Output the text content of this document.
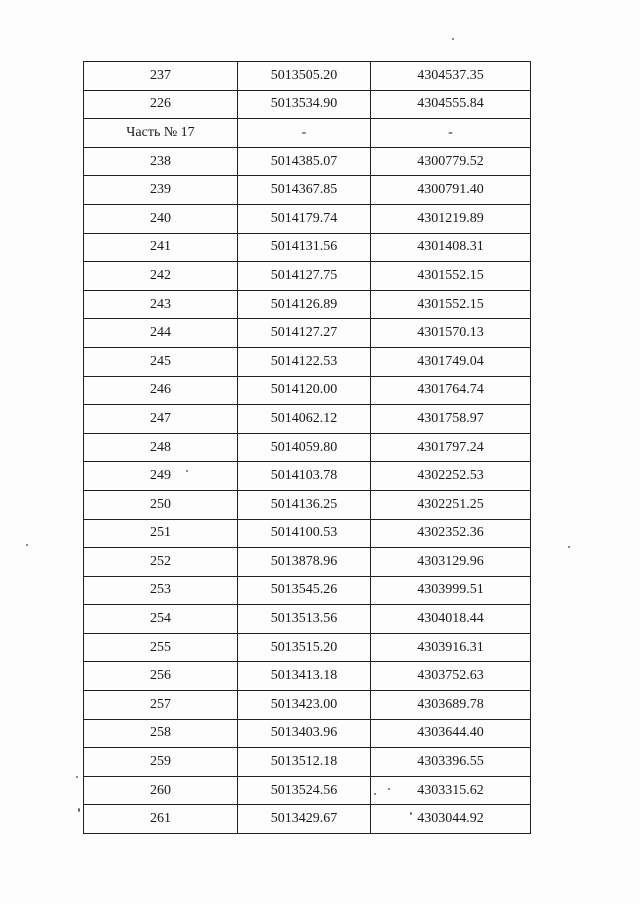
237	5013505.20	4304537.35
226	5013534.90	4304555.84
Часть № 17	-	-
238	5014385.07	4300779.52
239	5014367.85	4300791.40
240	5014179.74	4301219.89
241	5014131.56	4301408.31
242	5014127.75	4301552.15
243	5014126.89	4301552.15
244	5014127.27	4301570.13
245	5014122.53	4301749.04
246	5014120.00	4301764.74
247	5014062.12	4301758.97
248	5014059.80	4301797.24
249	5014103.78	4302252.53
250	5014136.25	4302251.25
251	5014100.53	4302352.36
252	5013878.96	4303129.96
253	5013545.26	4303999.51
254	5013513.56	4304018.44
255	5013515.20	4303916.31
256	5013413.18	4303752.63
257	5013423.00	4303689.78
258	5013403.96	4303644.40
259	5013512.18	4303396.55
260	5013524.56	4303315.62
261	5013429.67	4303044.92
